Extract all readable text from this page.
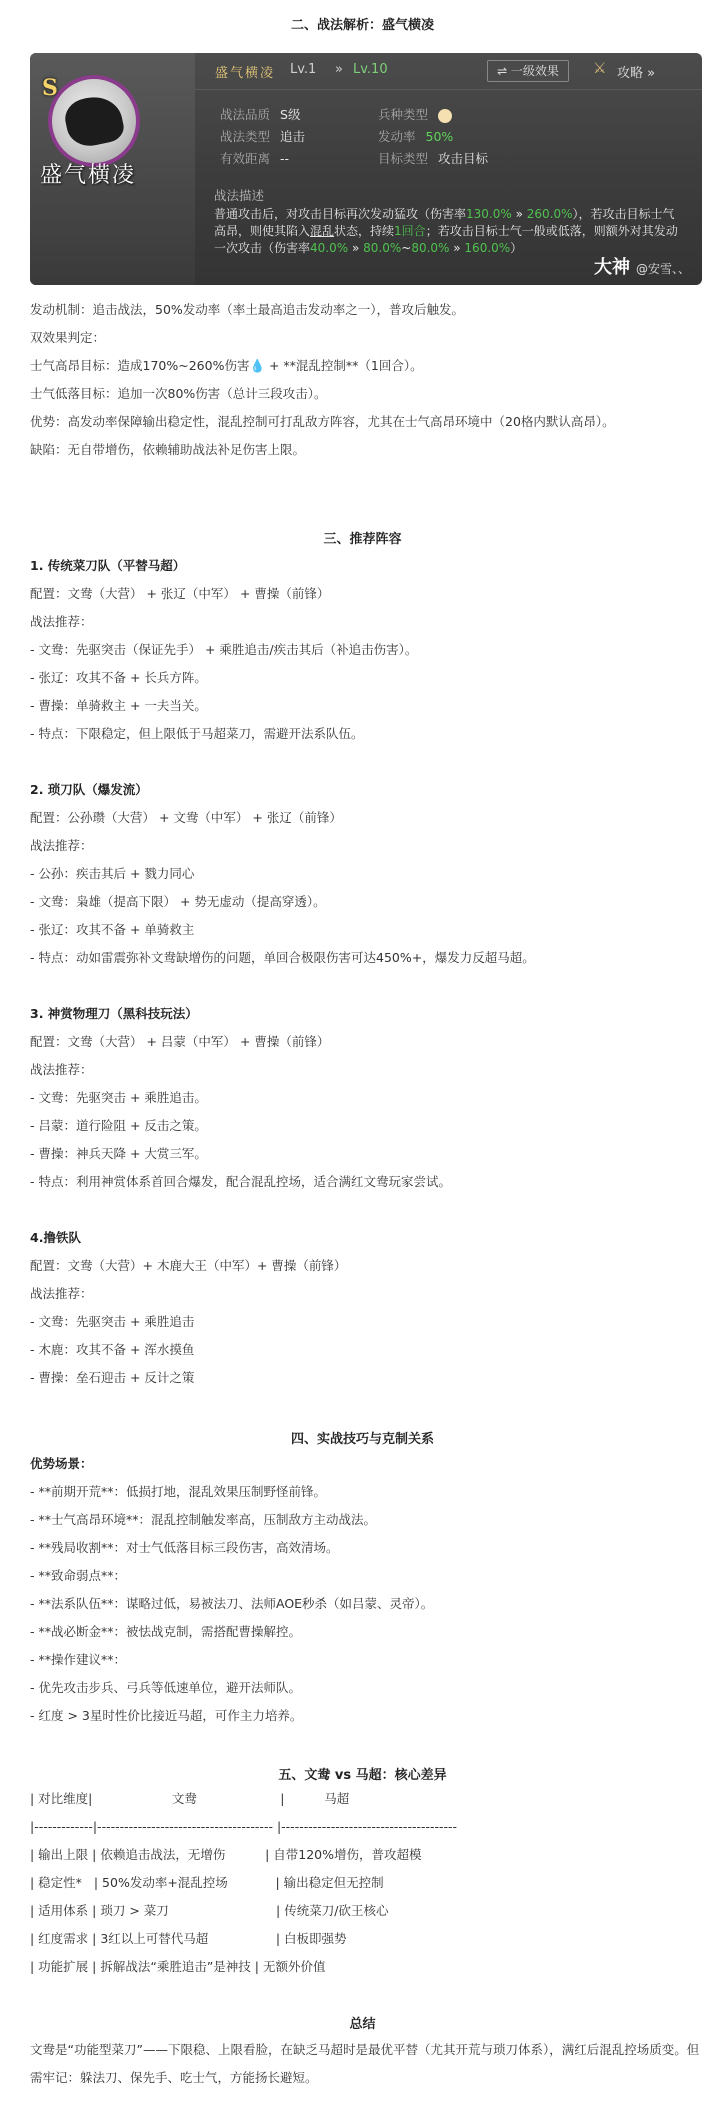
二、战法解析：盛气横凌
S
盛气横凌
盛气横凌 Lv.1 » Lv.10	⇌ 一级效果	⚔ 攻略 »
战法品质 S级	兵种类型
战法类型 追击	发动率 50%
有效距离 --	目标类型 攻击目标
战法描述
普通攻击后，对攻击目标再次发动猛攻（伤害率130.0% » 260.0%），若攻击目标士气高昂，则使其陷入混乱状态，持续1回合；若攻击目标士气一般或低落，则额外对其发动一次攻击（伤害率40.0% » 80.0%~80.0% » 160.0%）
大神 @安雪、、

发动机制：追击战法，50%发动率（率土最高追击发动率之一），普攻后触发。

双效果判定：

士气高昂目标：造成170%~260%伤害💧 + **混乱控制**（1回合）。

士气低落目标：追加一次80%伤害（总计三段攻击）。

优势：高发动率保障输出稳定性，混乱控制可打乱敌方阵容，尤其在士气高昂环境中（20格内默认高昂）。

缺陷：无自带增伤，依赖辅助战法补足伤害上限。

三、推荐阵容

1. 传统菜刀队（平替马超）

配置：文鸯（大营） + 张辽（中军） + 曹操（前锋）

战法推荐：

- 文鸯：先驱突击（保证先手） + 乘胜追击/疾击其后（补追击伤害）。

- 张辽：攻其不备 + 长兵方阵。

- 曹操：单骑救主 + 一夫当关。

- 特点：下限稳定，但上限低于马超菜刀，需避开法系队伍。

2. 琐刀队（爆发流）

配置：公孙瓒（大营） + 文鸯（中军） + 张辽（前锋）

战法推荐：

- 公孙：疾击其后 + 戮力同心

- 文鸯：枭雄（提高下限） + 势无虚动（提高穿透）。

- 张辽：攻其不备 + 单骑救主

- 特点：动如雷震弥补文鸯缺增伤的问题，单回合极限伤害可达450%+，爆发力反超马超。

3. 神赏物理刀（黑科技玩法）

配置：文鸯（大营） + 吕蒙（中军） + 曹操（前锋）

战法推荐：

- 文鸯：先驱突击 + 乘胜追击。

- 吕蒙：道行险阻 + 反击之策。

- 曹操：神兵天降 + 大赏三军。

- 特点：利用神赏体系首回合爆发，配合混乱控场，适合满红文鸯玩家尝试。

4.撸铁队

配置：文鸯（大营）+ 木鹿大王（中军）+ 曹操（前锋）

战法推荐：

- 文鸯：先驱突击 + 乘胜追击

- 木鹿：攻其不备 + 浑水摸鱼

- 曹操：垒石迎击 + 反计之策

四、实战技巧与克制关系

优势场景：

- **前期开荒**：低损打地，混乱效果压制野怪前锋。

- **士气高昂环境**：混乱控制触发率高，压制敌方主动战法。

- **残局收割**：对士气低落目标三段伤害，高效清场。

- **致命弱点**：

- **法系队伍**：谋略过低，易被法刀、法师AOE秒杀（如吕蒙、灵帝）。

- **战必断金**：被怯战克制，需搭配曹操解控。

- **操作建议**：

- 优先攻击步兵、弓兵等低速单位，避开法师队。

- 红度 > 3星时性价比接近马超，可作主力培养。

五、文鸯 vs 马超：核心差异

| 对比维度|                    文鸯                     |          马超

|-------------|--------------------------------------- |---------------------------------------

| 输出上限 | 依赖追击战法，无增伤          | 自带120%增伤，普攻超模

| 稳定性*   | 50%发动率+混乱控场            | 输出稳定但无控制

| 适用体系 | 琐刀 > 菜刀                           | 传统菜刀/砍王核心

| 红度需求 | 3红以上可替代马超                 | 白板即强势

| 功能扩展 | 拆解战法“乘胜追击”是神技 | 无额外价值

总结

文鸯是“功能型菜刀”——下限稳、上限看脸，在缺乏马超时是最优平替（尤其开荒与琐刀体系），满红后混乱控场质变。但需牢记：躲法刀、保先手、吃士气，方能扬长避短。
